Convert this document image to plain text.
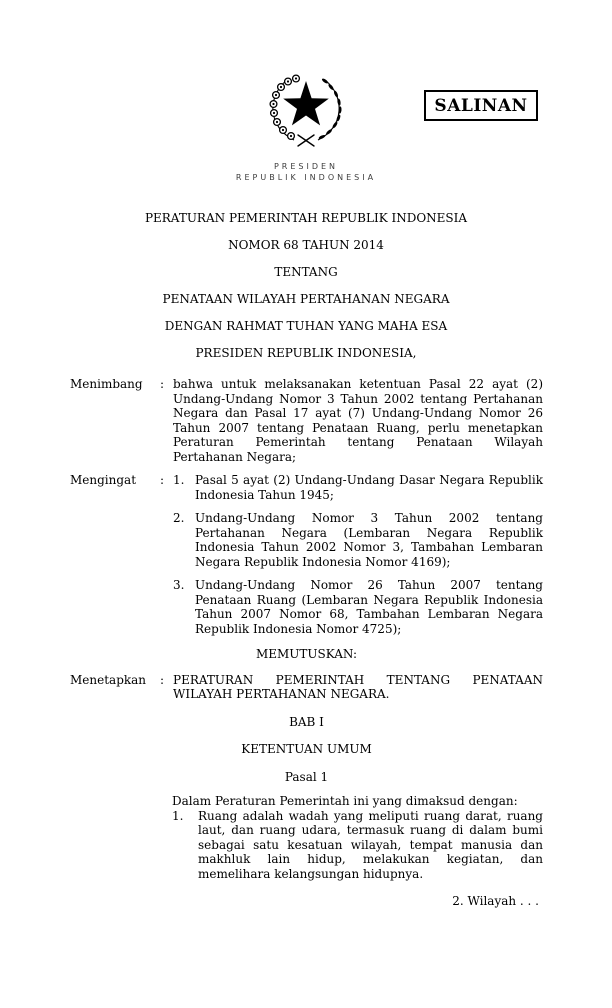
SALINAN
PRESIDEN
REPUBLIK INDONESIA
PERATURAN PEMERINTAH REPUBLIK INDONESIA
NOMOR 68 TAHUN 2014
TENTANG
PENATAAN WILAYAH PERTAHANAN NEGARA
DENGAN RAHMAT TUHAN YANG MAHA ESA
PRESIDEN REPUBLIK INDONESIA,
Menimbang	: bahwa untuk melaksanakan ketentuan Pasal 22 ayat (2) Undang-Undang Nomor 3 Tahun 2002 tentang Pertahanan Negara dan Pasal 17 ayat (7) Undang-Undang Nomor 26 Tahun 2007 tentang Penataan Ruang, perlu menetapkan Peraturan Pemerintah tentang Penataan Wilayah Pertahanan Negara;
Mengingat	: 1. Pasal 5 ayat (2) Undang-Undang Dasar Negara Republik Indonesia Tahun 1945;
2. Undang-Undang Nomor 3 Tahun 2002 tentang Pertahanan Negara (Lembaran Negara Republik Indonesia Tahun 2002 Nomor 3, Tambahan Lembaran Negara Republik Indonesia Nomor 4169);
3. Undang-Undang Nomor 26 Tahun 2007 tentang Penataan Ruang (Lembaran Negara Republik Indonesia Tahun 2007 Nomor 68, Tambahan Lembaran Negara Republik Indonesia Nomor 4725);
MEMUTUSKAN:
Menetapkan	: PERATURAN PEMERINTAH TENTANG PENATAAN WILAYAH PERTAHANAN NEGARA.
BAB I
KETENTUAN UMUM
Pasal 1
Dalam Peraturan Pemerintah ini yang dimaksud dengan:
1.	Ruang adalah wadah yang meliputi ruang darat, ruang laut, dan ruang udara, termasuk ruang di dalam bumi sebagai satu kesatuan wilayah, tempat manusia dan makhluk lain hidup, melakukan kegiatan, dan memelihara kelangsungan hidupnya.
2. Wilayah . . .
